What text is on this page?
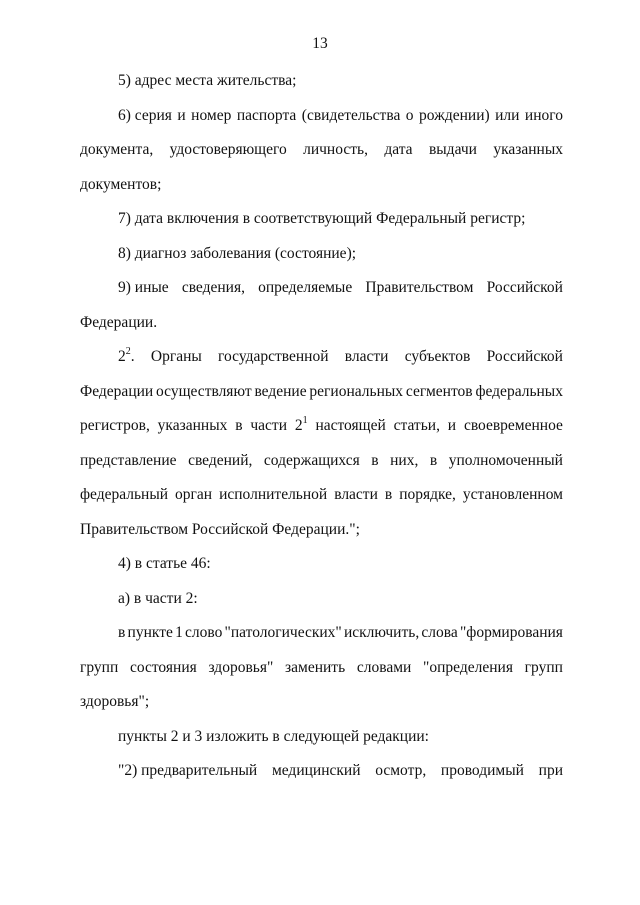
13
5) адрес места жительства;
6) серия и номер паспорта (свидетельства о рождении) или иного
документа, удостоверяющего личность, дата выдачи указанных
документов;
7) дата включения в соответствующий Федеральный регистр;
8) диагноз заболевания (состояние);
9) иные сведения, определяемые Правительством Российской
Федерации.
$2^2$. Органы государственной власти субъектов Российской
Федерации осуществляют ведение региональных сегментов федеральных
регистров, указанных в части $2^1$ настоящей статьи, и своевременное
представление сведений, содержащихся в них, в уполномоченный
федеральный орган исполнительной власти в порядке, установленном
Правительством Российской Федерации.";
4) в статье 46:
а) в части 2:
в пункте 1 слово "патологических" исключить, слова "формирования
групп состояния здоровья" заменить словами "определения групп
здоровья";
пункты 2 и 3 изложить в следующей редакции:
"2) предварительный медицинский осмотр, проводимый при
